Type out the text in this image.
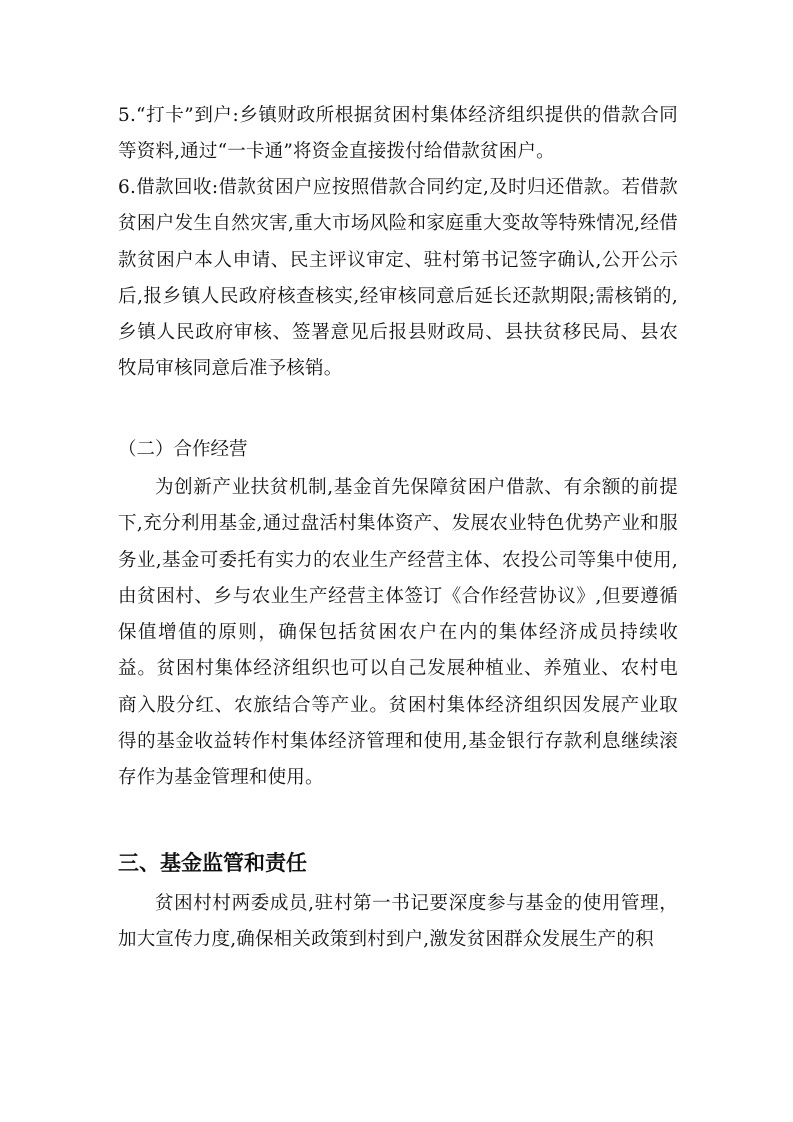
5.“打卡”到户:乡镇财政所根据贫困村集体经济组织提供的借款合同等资料,通过“一卡通”将资金直接拨付给借款贫困户。

6.借款回收:借款贫困户应按照借款合同约定,及时归还借款。若借款贫困户发生自然灾害,重大市场风险和家庭重大变故等特殊情况,经借款贫困户本人申请、民主评议审定、驻村第书记签字确认,公开公示后,报乡镇人民政府核查核实,经审核同意后延长还款期限;需核销的,乡镇人民政府审核、签署意见后报县财政局、县扶贫移民局、县农牧局审核同意后准予核销。

（二）合作经营

为创新产业扶贫机制,基金首先保障贫困户借款、有余额的前提下,充分利用基金,通过盘活村集体资产、发展农业特色优势产业和服务业,基金可委托有实力的农业生产经营主体、农投公司等集中使用,由贫困村、乡与农业生产经营主体签订《合作经营协议》,但要遵循保值增值的原则，确保包括贫困农户在内的集体经济成员持续收益。贫困村集体经济组织也可以自己发展种植业、养殖业、农村电商入股分红、农旅结合等产业。贫困村集体经济组织因发展产业取得的基金收益转作村集体经济管理和使用,基金银行存款利息继续滚存作为基金管理和使用。

三、基金监管和责任

贫困村村两委成员,驻村第一书记要深度参与基金的使用管理，加大宣传力度,确保相关政策到村到户,激发贫困群众发展生产的积
